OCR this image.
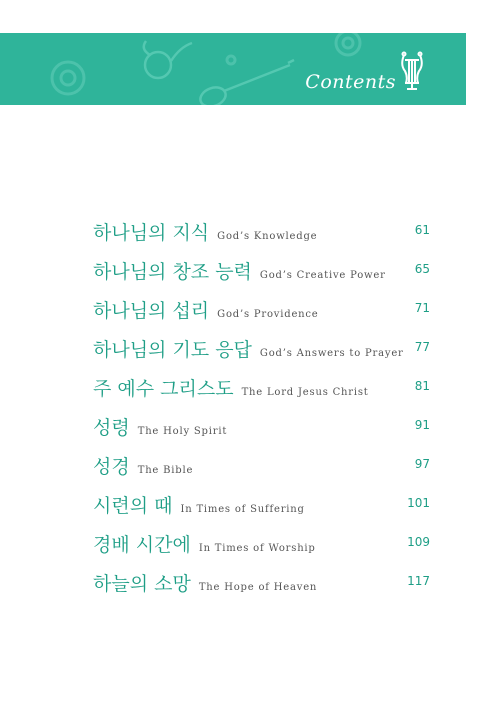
Contents
하나님의 지식 God’s Knowledge	61
하나님의 창조 능력 God’s Creative Power 65
하나님의 섭리 God’s Providence	71
하나님의 기도 응답 God’s Answers to Prayer 77
주 예수 그리스도 The Lord Jesus Christ	81
성령 The Holy Spirit	91
성경 The Bible	97
시련의 때 In Times of Suffering	101
경배 시간에 In Times of Worship	109
하늘의 소망 The Hope of Heaven	117
